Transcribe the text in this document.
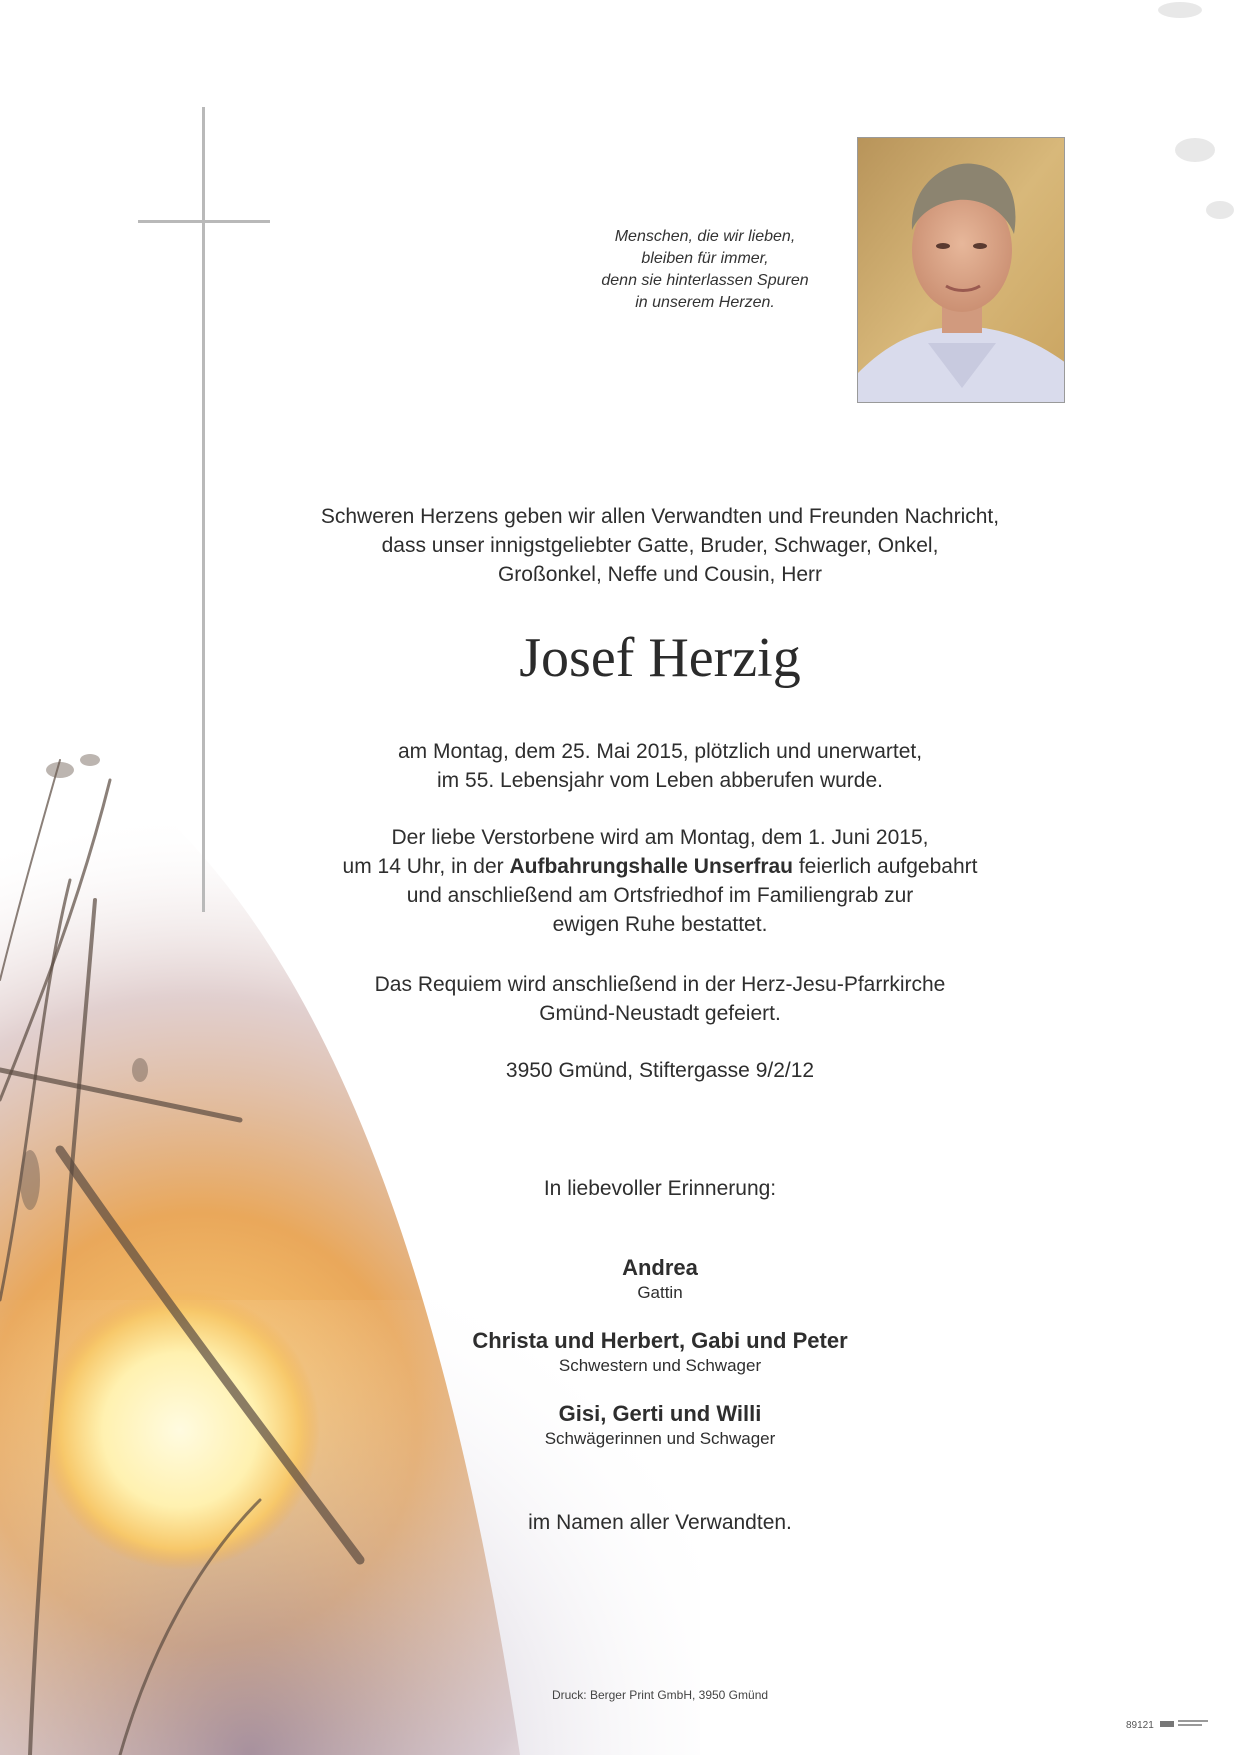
Menschen, die wir lieben,
bleiben für immer,
denn sie hinterlassen Spuren
in unserem Herzen.
Schweren Herzens geben wir allen Verwandten und Freunden Nachricht,
dass unser innigstgeliebter Gatte, Bruder, Schwager, Onkel,
Großonkel, Neffe und Cousin, Herr
Josef Herzig
am Montag, dem 25. Mai 2015, plötzlich und unerwartet,
im 55. Lebensjahr vom Leben abberufen wurde.
Der liebe Verstorbene wird am Montag, dem 1. Juni 2015,
um 14 Uhr, in der Aufbahrungshalle Unserfrau feierlich aufgebahrt
und anschließend am Ortsfriedhof im Familiengrab zur
ewigen Ruhe bestattet.
Das Requiem wird anschließend in der Herz-Jesu-Pfarrkirche
Gmünd-Neustadt gefeiert.
3950 Gmünd, Stiftergasse 9/2/12
In liebevoller Erinnerung:
Andrea
Gattin
Christa und Herbert, Gabi und Peter
Schwestern und Schwager
Gisi, Gerti und Willi
Schwägerinnen und Schwager
im Namen aller Verwandten.
Druck: Berger Print GmbH, 3950 Gmünd
89121
